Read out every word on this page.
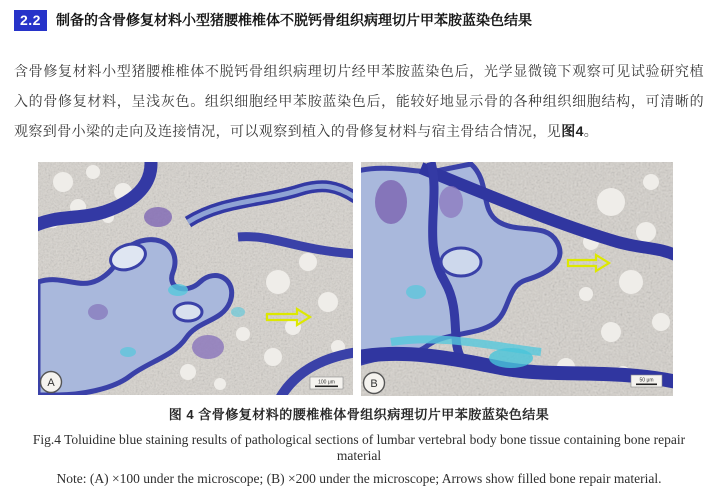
2.2	制备的含骨修复材料小型猪腰椎椎体不脱钙骨组织病理切片甲苯胺蓝染色结果

含骨修复材料小型猪腰椎椎体不脱钙骨组织病理切片经甲苯胺蓝染色后，光学显微镜下观察可见试验研究植入的骨修复材料，呈浅灰色。组织细胞经甲苯胺蓝染色后，能较好地显示骨的各种组织细胞结构，可清晰的观察到骨小梁的走向及连接情况，可以观察到植入的骨修复材料与宿主骨结合情况，见图4。

A	100 μm	B	50 μm
图 4 含骨修复材料的腰椎椎体骨组织病理切片甲苯胺蓝染色结果
Fig.4 Toluidine blue staining results of pathological sections of lumbar vertebral body bone tissue containing bone repair material
Note: (A) ×100 under the microscope; (B) ×200 under the microscope; Arrows show filled bone repair material.
